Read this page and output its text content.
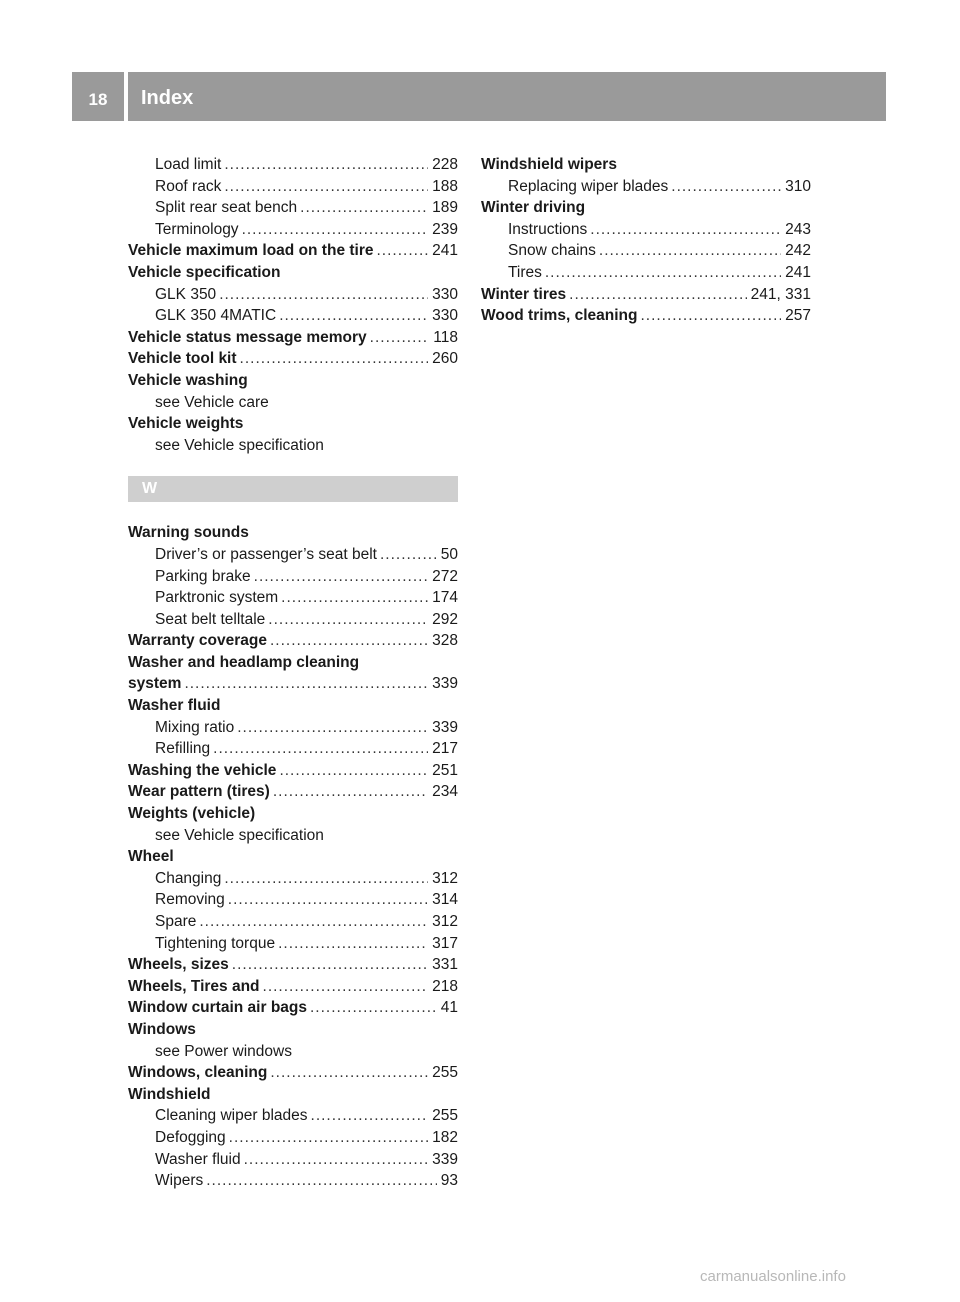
18	Index
Load limit .....	228
Roof rack .....	188
Split rear seat bench .....	189
Terminology .....	239
Vehicle maximum load on the tire .....	241
Vehicle specification
GLK 350 .....	330
GLK 350 4MATIC .....	330
Vehicle status message memory .....	118
Vehicle tool kit .....	260
Vehicle washing
see Vehicle care
Vehicle weights
see Vehicle specification
W
Warning sounds
Driver’s or passenger’s seat belt .....	50
Parking brake .....	272
Parktronic system .....	174
Seat belt telltale .....	292
Warranty coverage .....	328
Washer and headlamp cleaning
system .....	339
Washer fluid
Mixing ratio .....	339
Refilling .....	217
Washing the vehicle .....	251
Wear pattern (tires) .....	234
Weights (vehicle)
see Vehicle specification
Wheel
Changing .....	312
Removing .....	314
Spare .....	312
Tightening torque .....	317
Wheels, sizes .....	331
Wheels, Tires and .....	218
Window curtain air bags .....	41
Windows
see Power windows
Windows, cleaning .....	255
Windshield
Cleaning wiper blades .....	255
Defogging .....	182
Washer fluid .....	339
Wipers .....	93
Windshield wipers
Replacing wiper blades .....	310
Winter driving
Instructions .....	243
Snow chains .....	242
Tires .....	241
Winter tires .....	241, 331
Wood trims, cleaning .....	257
carmanualsonline.info
